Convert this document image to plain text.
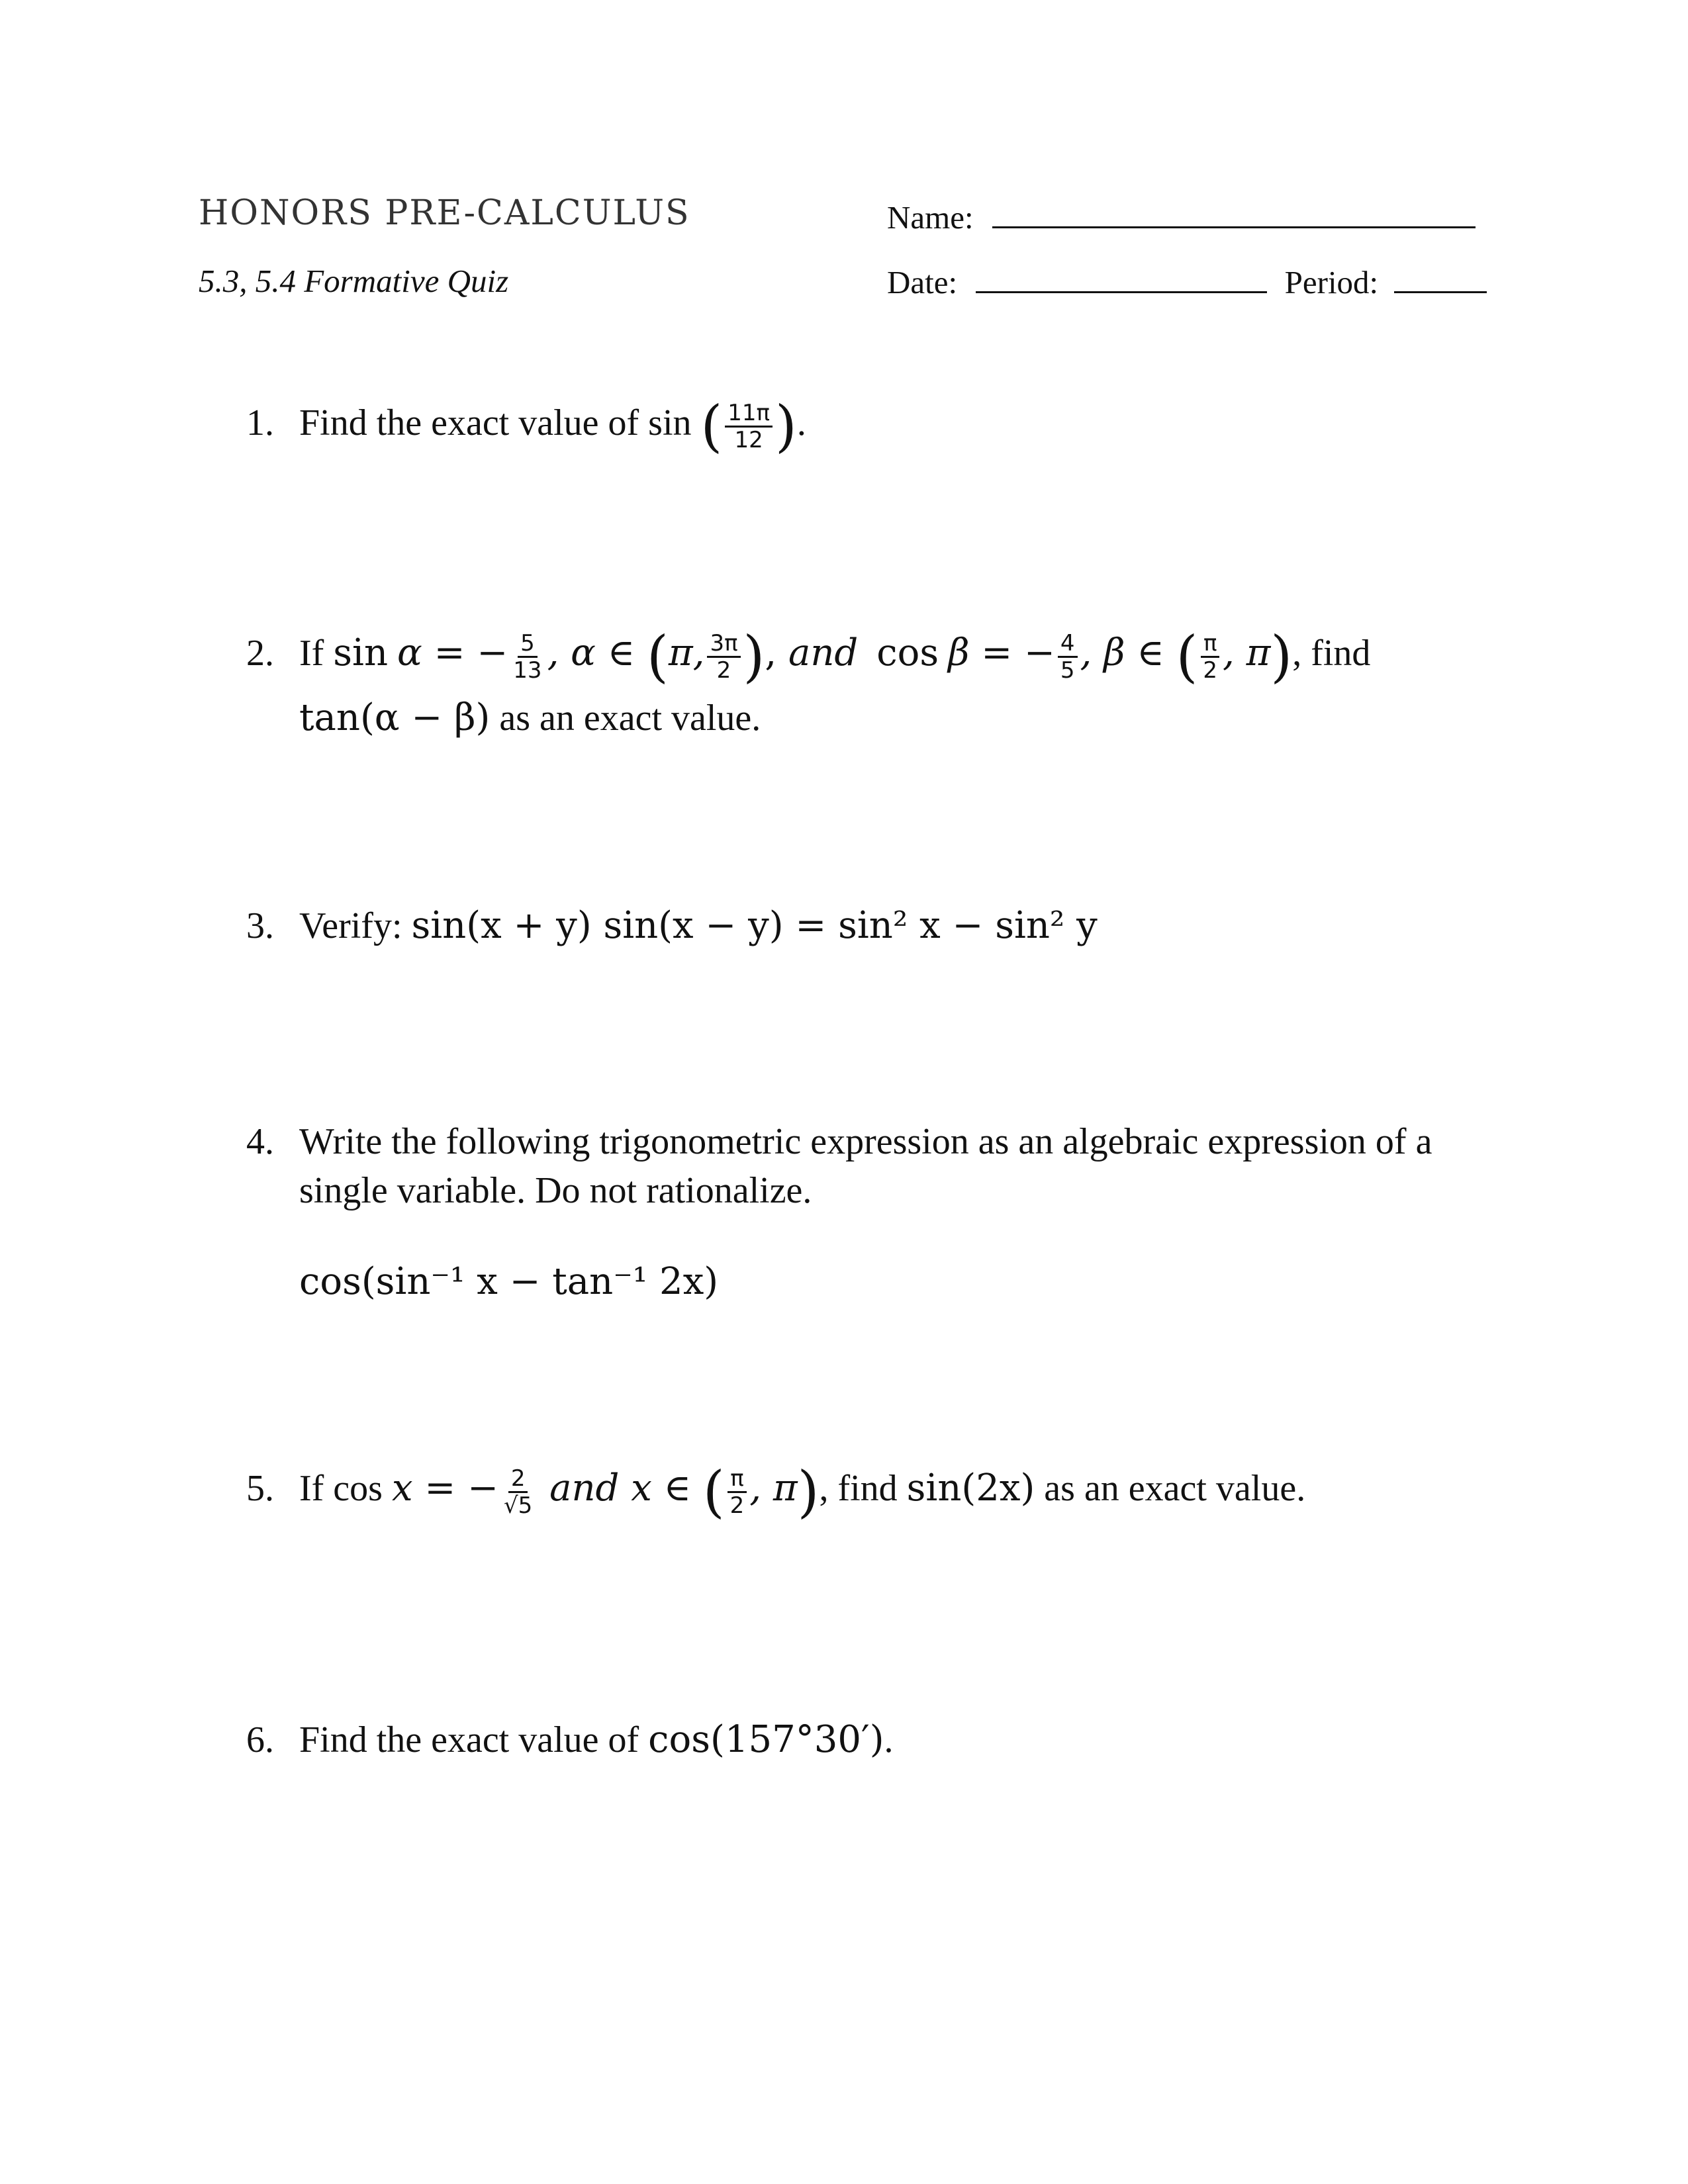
HONORS PRE-CALCULUS
5.3, 5.4 Formative Quiz
Name:
Date:	Period:
1. Find the exact value of sin ( $\frac{11\pi}{12}$ ).
2. If sin α = − $\frac{5}{13}$ , α ∈ (π, $\frac{3\pi}{2}$ ), and cos β = − $\frac{4}{5}$ , β ∈ ( $\frac{\pi}{2}$ , π), find
tan(α − β) as an exact value.
3. Verify: sin(x + y) sin(x − y) = sin² x − sin² y
4. Write the following trigonometric expression as an algebraic expression of a
single variable. Do not rationalize.
cos(sin⁻¹ x − tan⁻¹ 2x)
5. If cos x = − $\frac{2}{√5}$ and x ∈ ( $\frac{\pi}{2}$ , π), find sin(2x) as an exact value.
6. Find the exact value of cos(157°30′).
